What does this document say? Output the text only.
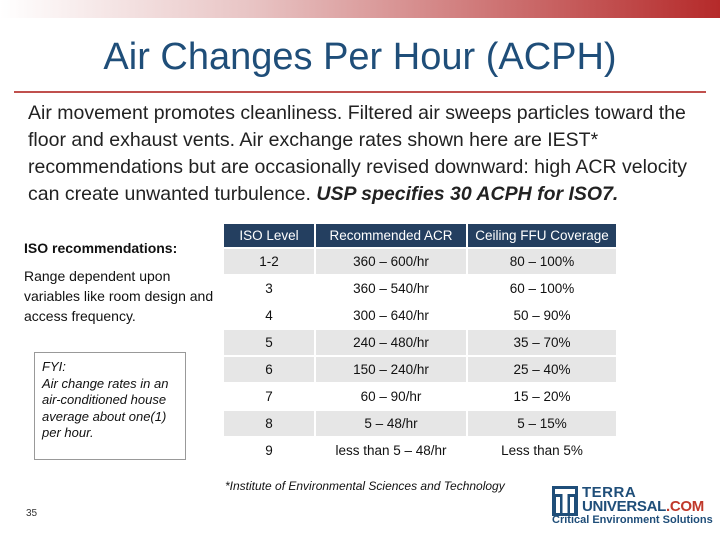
Air Changes Per Hour (ACPH)
Air movement promotes cleanliness. Filtered air sweeps particles toward the floor and exhaust vents. Air exchange rates shown here are IEST* recommendations but are occasionally revised downward: high ACR velocity can create unwanted turbulence. USP specifies 30 ACPH for ISO7.
ISO recommendations:
Range dependent upon variables like room design and access frequency.
FYI:
Air change rates in an air-conditioned house average about one(1) per hour.
ISO Level	Recommended ACR	Ceiling FFU Coverage
1-2	360 – 600/hr	80 – 100%
3	360 – 540/hr	60 – 100%
4	300 – 640/hr	50 – 90%
5	240 – 480/hr	35 – 70%
6	150 – 240/hr	25 – 40%
7	60 – 90/hr	15 – 20%
8	5 – 48/hr	5 – 15%
9	less than 5 – 48/hr	Less than 5%
*Institute of Environmental Sciences and Technology
35
TERRA
UNIVERSAL.COM
Critical Environment Solutions
